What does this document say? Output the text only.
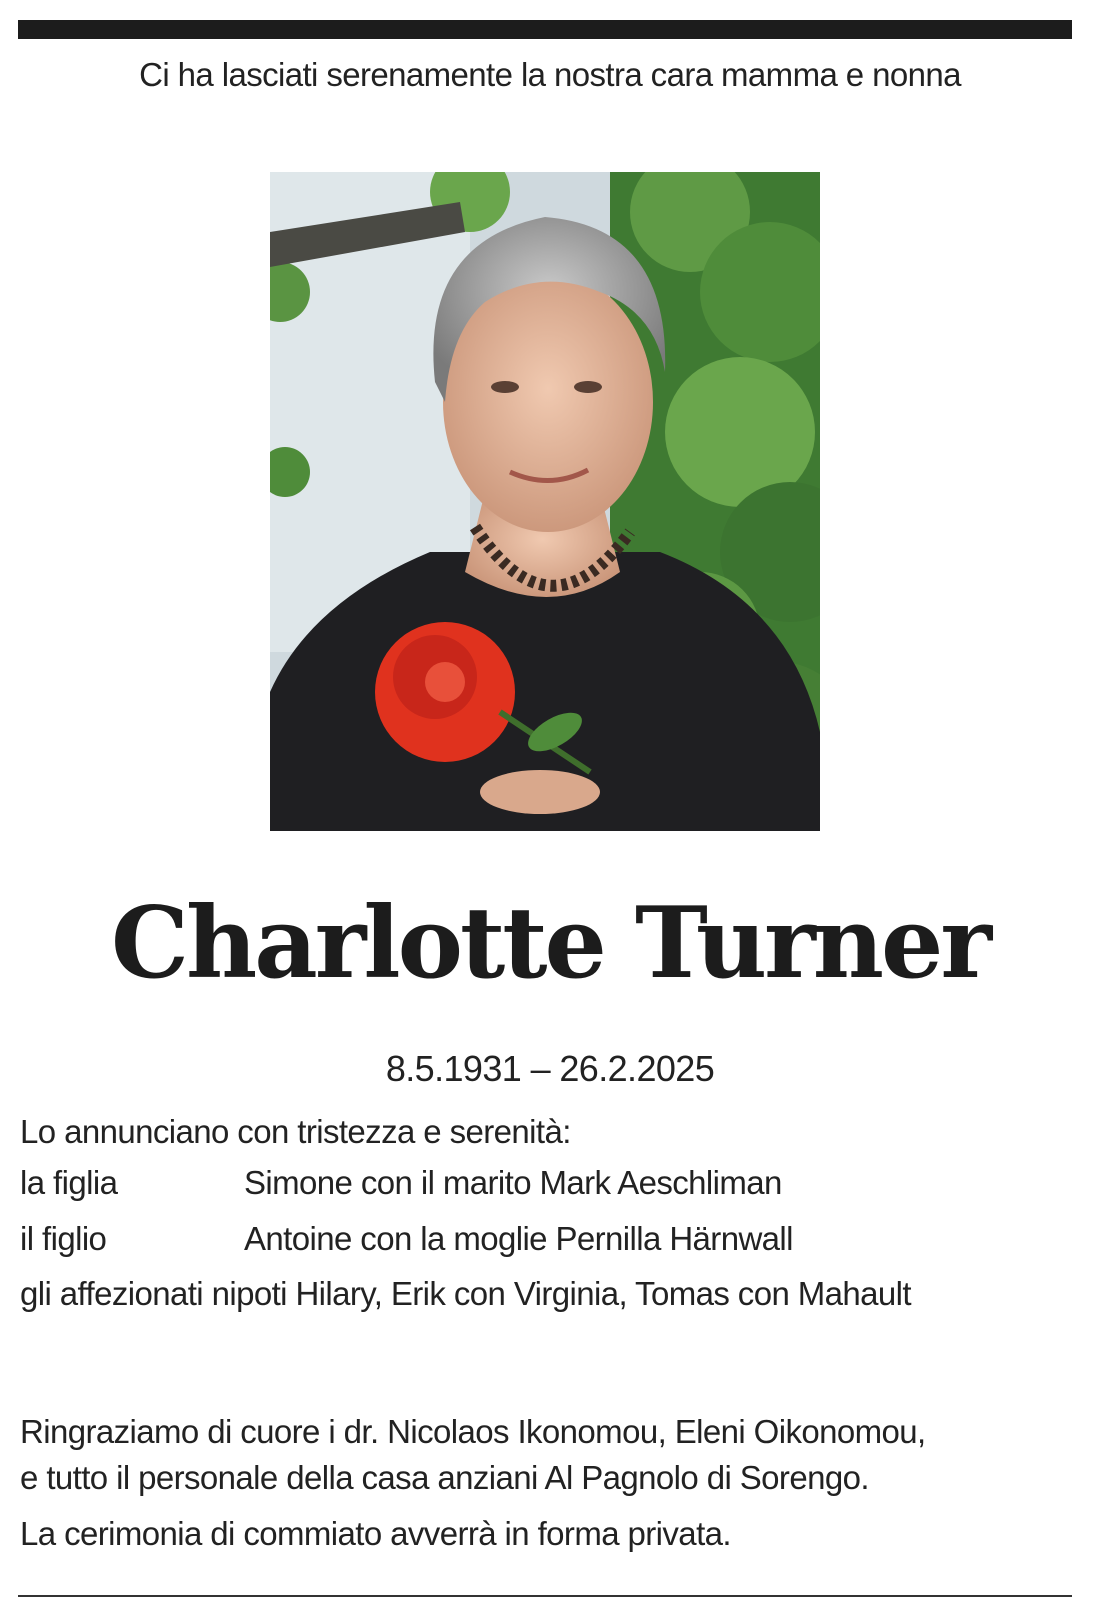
Ci ha lasciati serenamente la nostra cara mamma e nonna
Charlotte Turner
8.5.1931 – 26.2.2025
Lo annunciano con tristezza e serenità:
la figlia	Simone con il marito Mark Aeschliman
il figlio	Antoine con la moglie Pernilla Härnwall
gli affezionati nipoti Hilary, Erik con Virginia, Tomas con Mahault
Ringraziamo di cuore i dr. Nicolaos Ikonomou, Eleni Oikonomou,
e tutto il personale della casa anziani Al Pagnolo di Sorengo.
La cerimonia di commiato avverrà in forma privata.
